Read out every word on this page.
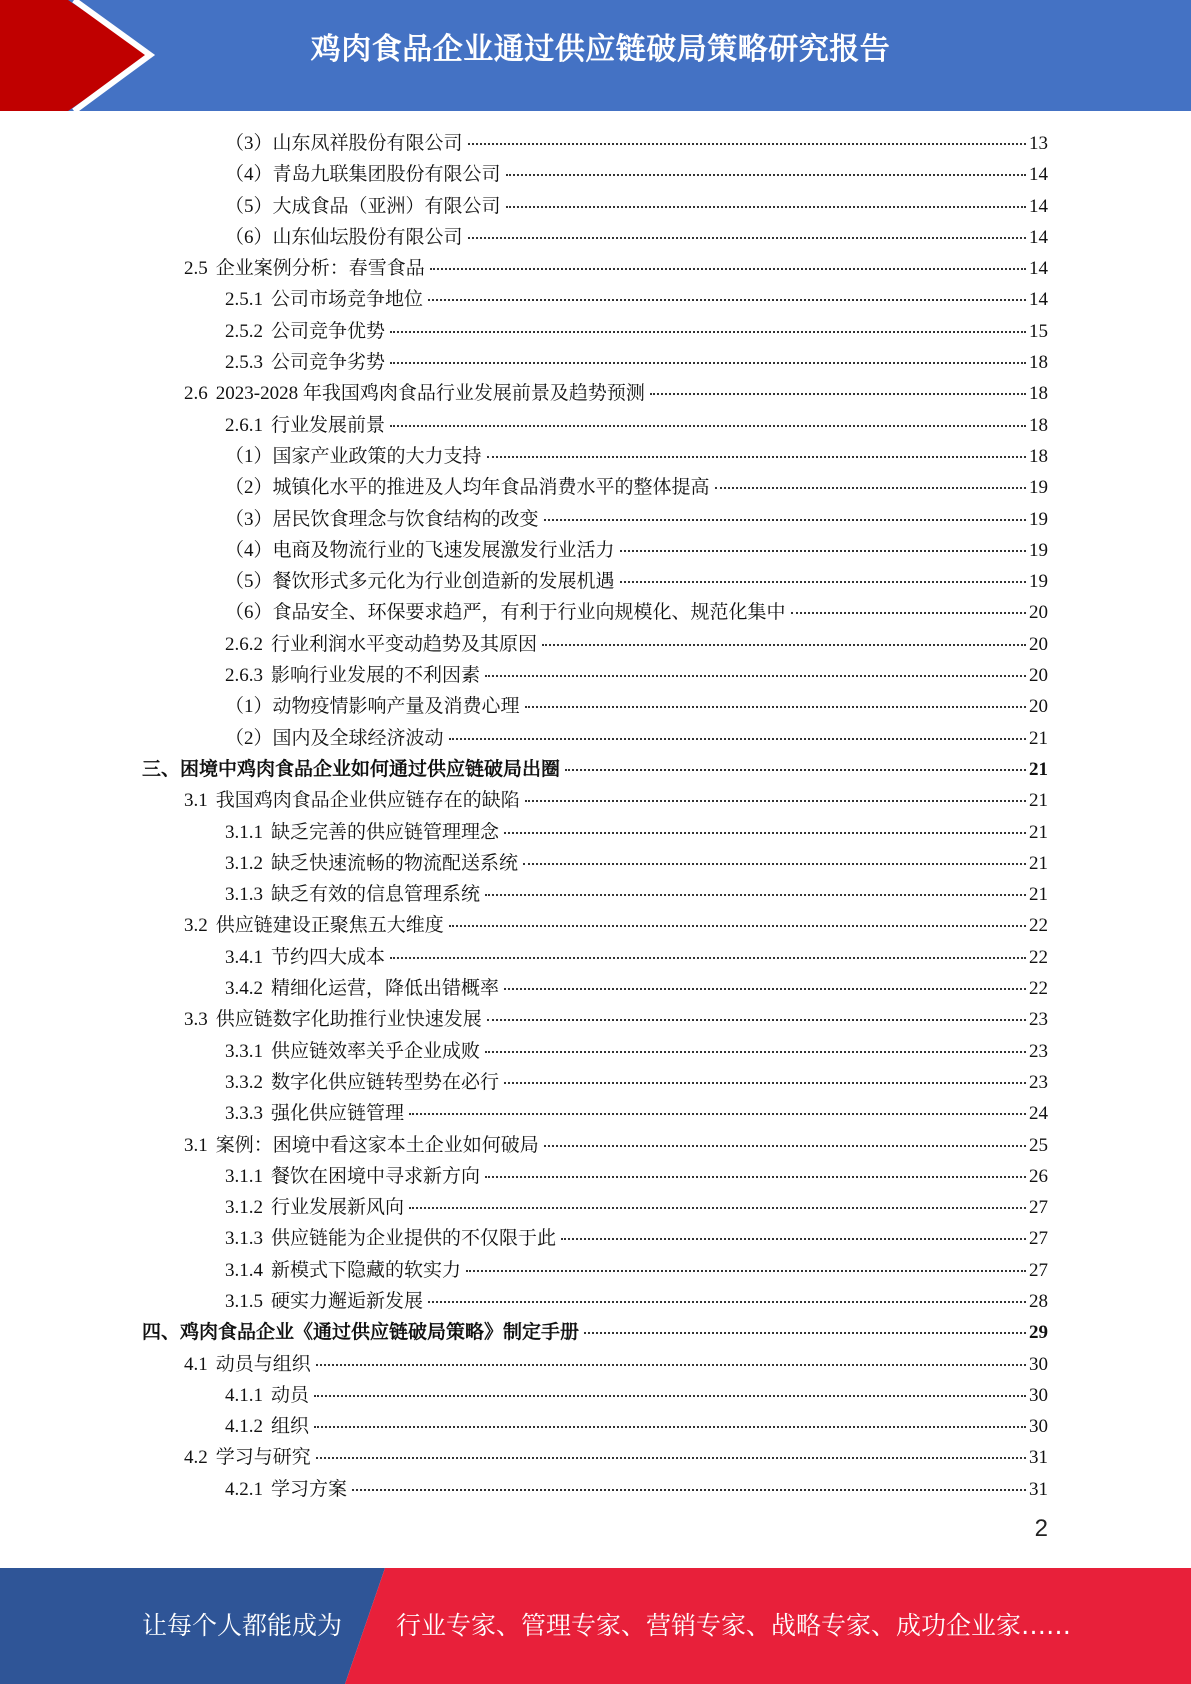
鸡肉食品企业通过供应链破局策略研究报告
（3） 山东凤祥股份有限公司	13
（4） 青岛九联集团股份有限公司	14
（5） 大成食品（亚洲）有限公司	14
（6） 山东仙坛股份有限公司	14
2.5 企业案例分析：春雪食品	14
2.5.1 公司市场竞争地位	14
2.5.2 公司竞争优势	15
2.5.3 公司竞争劣势	18
2.6 2023-2028 年我国鸡肉食品行业发展前景及趋势预测	18
2.6.1 行业发展前景	18
（1） 国家产业政策的大力支持	18
（2） 城镇化水平的推进及人均年食品消费水平的整体提高	19
（3） 居民饮食理念与饮食结构的改变	19
（4） 电商及物流行业的飞速发展激发行业活力	19
（5） 餐饮形式多元化为行业创造新的发展机遇	19
（6） 食品安全、环保要求趋严，有利于行业向规模化、规范化集中	20
2.6.2 行业利润水平变动趋势及其原因	20
2.6.3 影响行业发展的不利因素	20
（1） 动物疫情影响产量及消费心理	20
（2） 国内及全球经济波动	21
三、困境中鸡肉食品企业如何通过供应链破局出圈	21
3.1 我国鸡肉食品企业供应链存在的缺陷	21
3.1.1 缺乏完善的供应链管理理念	21
3.1.2 缺乏快速流畅的物流配送系统	21
3.1.3 缺乏有效的信息管理系统	21
3.2 供应链建设正聚焦五大维度	22
3.4.1 节约四大成本	22
3.4.2 精细化运营，降低出错概率	22
3.3 供应链数字化助推行业快速发展	23
3.3.1 供应链效率关乎企业成败	23
3.3.2 数字化供应链转型势在必行	23
3.3.3 强化供应链管理	24
3.1 案例：困境中看这家本土企业如何破局	25
3.1.1 餐饮在困境中寻求新方向	26
3.1.2 行业发展新风向	27
3.1.3 供应链能为企业提供的不仅限于此	27
3.1.4 新模式下隐藏的软实力	27
3.1.5 硬实力邂逅新发展	28
四、鸡肉食品企业《通过供应链破局策略》制定手册	29
4.1 动员与组织	30
4.1.1 动员	30
4.1.2 组织	30
4.2 学习与研究	31
4.2.1 学习方案	31
2
让每个人都能成为 行业专家、管理专家、营销专家、战略专家、成功企业家……
